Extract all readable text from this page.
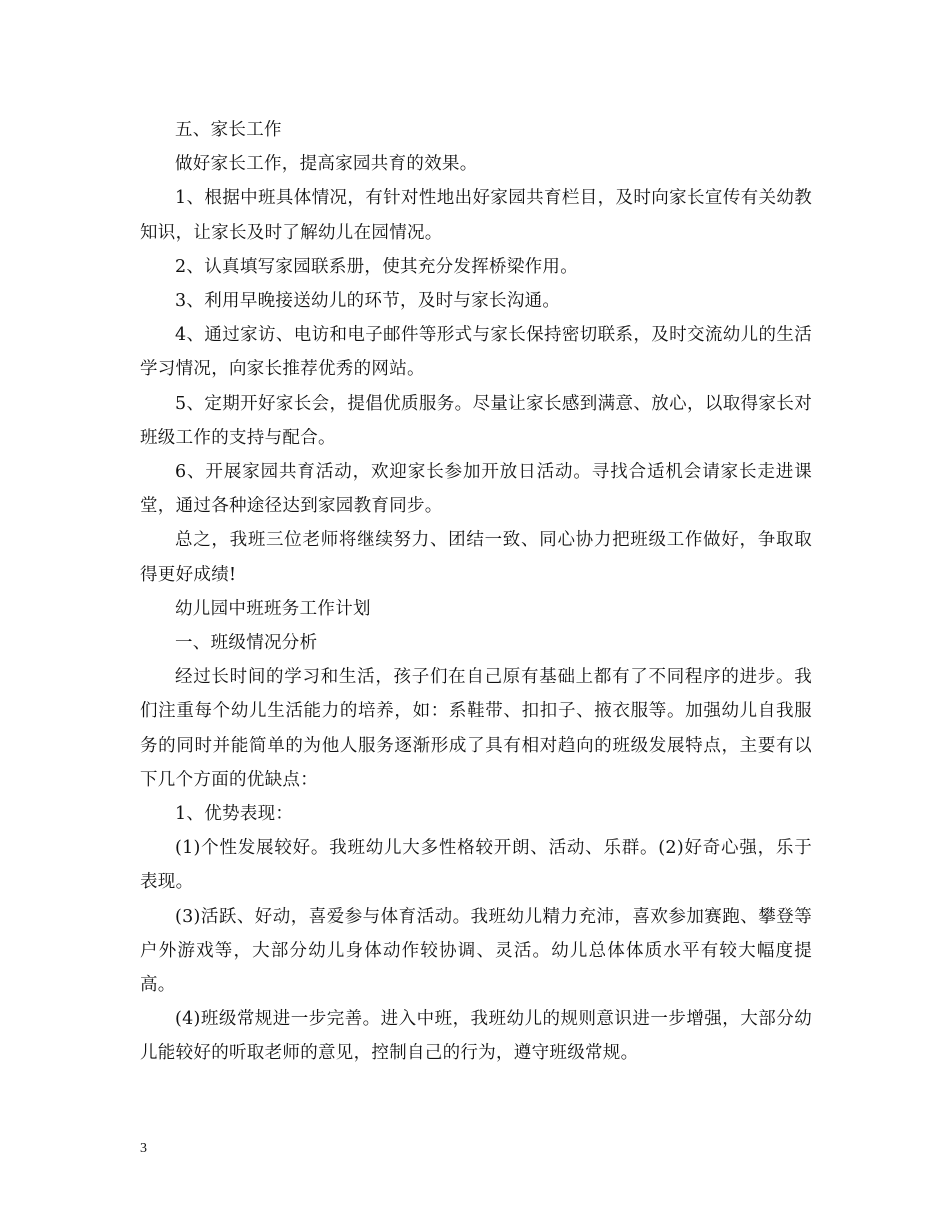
五、家长工作

做好家长工作，提高家园共育的效果。

1、根据中班具体情况，有针对性地出好家园共育栏目，及时向家长宣传有关幼教知识，让家长及时了解幼儿在园情况。

2、认真填写家园联系册，使其充分发挥桥梁作用。

3、利用早晚接送幼儿的环节，及时与家长沟通。

4、通过家访、电访和电子邮件等形式与家长保持密切联系，及时交流幼儿的生活学习情况，向家长推荐优秀的网站。

5、定期开好家长会，提倡优质服务。尽量让家长感到满意、放心，以取得家长对班级工作的支持与配合。

6、开展家园共育活动，欢迎家长参加开放日活动。寻找合适机会请家长走进课堂，通过各种途径达到家园教育同步。

总之，我班三位老师将继续努力、团结一致、同心协力把班级工作做好，争取取得更好成绩!

幼儿园中班班务工作计划

一、班级情况分析

经过长时间的学习和生活，孩子们在自己原有基础上都有了不同程序的进步。我们注重每个幼儿生活能力的培养，如：系鞋带、扣扣子、掖衣服等。加强幼儿自我服务的同时并能简单的为他人服务逐渐形成了具有相对趋向的班级发展特点，主要有以下几个方面的优缺点：

1、优势表现：

(1)个性发展较好。我班幼儿大多性格较开朗、活动、乐群。(2)好奇心强，乐于表现。

(3)活跃、好动，喜爱参与体育活动。我班幼儿精力充沛，喜欢参加赛跑、攀登等户外游戏等，大部分幼儿身体动作较协调、灵活。幼儿总体体质水平有较大幅度提高。

(4)班级常规进一步完善。进入中班，我班幼儿的规则意识进一步增强，大部分幼儿能较好的听取老师的意见，控制自己的行为，遵守班级常规。

3
